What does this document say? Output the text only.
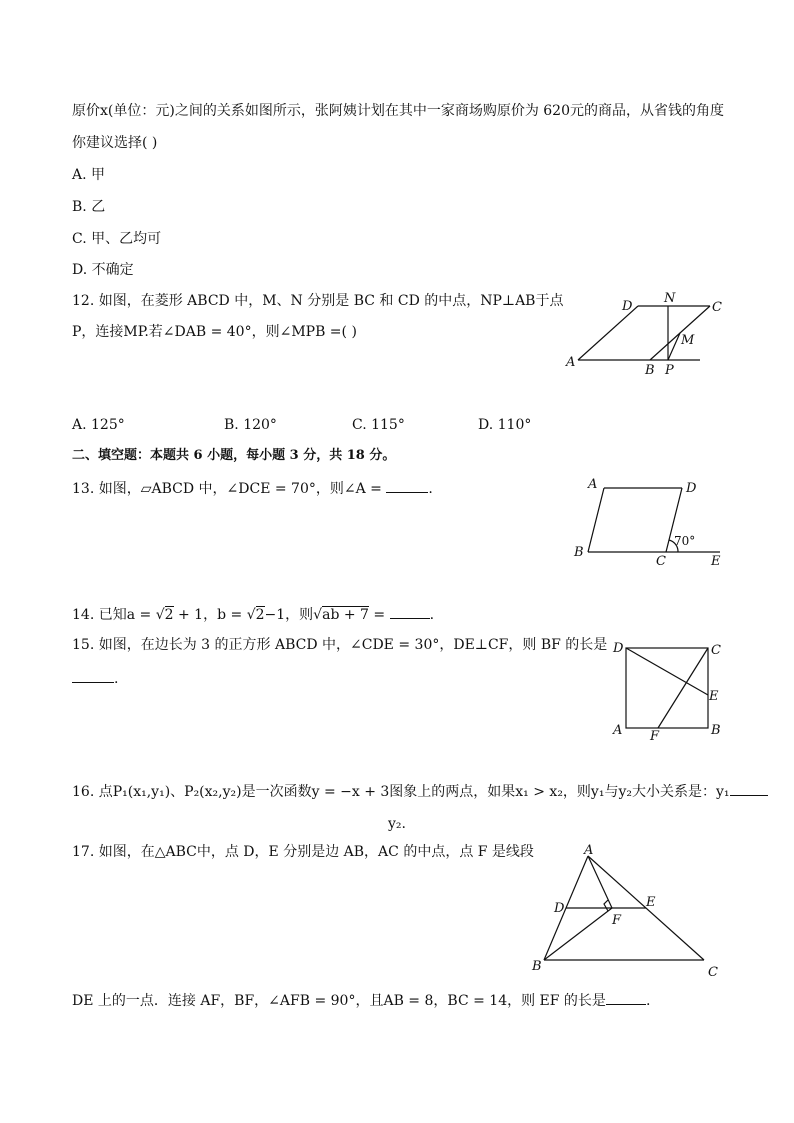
原价x(单位：元)之间的关系如图所示，张阿姨计划在其中一家商场购原价为 620元的商品，从省钱的角度
你建议选择( )
A. 甲
B. 乙
C. 甲、乙均可
D. 不确定
12. 如图，在菱形 ABCD 中，M、N 分别是 BC 和 CD 的中点，NP⊥AB于点
P，连接MP.若∠DAB = 40°，则∠MPB =( )
A
B
C
D
M
N
P
A. 125°	B. 120°	C. 115°	D. 110°
二、填空题：本题共 6 小题，每小题 3 分，共 18 分。
13. 如图，▱ABCD 中，∠DCE = 70°，则∠A =	.	A	D
B
C	E
70°
14. 已知a = √2 + 1，b = √2−1，则√ab + 7 =	.
15. 如图，在边长为 3 的正方形 ABCD 中，∠CDE = 30°，DE⊥CF，则 BF 的长是
.
D	C
E
A	B
F
16. 点P₁(x₁,y₁)、P₂(x₂,y₂)是一次函数y = −x + 3图象上的两点，如果x₁ > x₂，则y₁与y₂大小关系是：y₁
y₂.
17. 如图，在△ABC中，点 D，E 分别是边 AB，AC 的中点，点 F 是线段	A
B	C
D	E
F
DE 上的一点．连接 AF，BF，∠AFB = 90°，且AB = 8，BC = 14，则 EF 的长是	.
